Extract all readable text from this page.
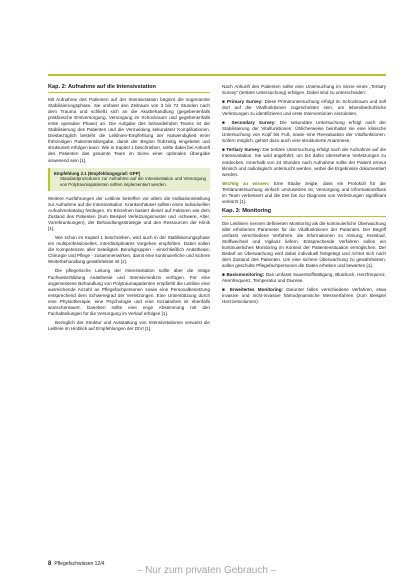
Kap. 2: Aufnahme auf die Intensivstation
Mit Aufnahme des Patienten auf der Intensivstation beginnt die sogenannte Stabilisierungsphase. Sie umfasst den Zeitraum von 3 bis 72 Stunden nach dem Trauma und schließt sich an die Akutbehandlung (gegebenenfalls präklinische Erstversorgung, Versorgung im Schockraum und gegebenenfalls erste operative Phase) an. Die Aufgabe des behandelnden Teams ist die Stabilisierung des Patienten und die Vermeidung sekundärer Komplikationen. Diesbezüglich besteht die Leitlinien-Empfehlung der Notwendigkeit einer frühzeitigen Patientenübergabe, damit der Beginn frühzeitig eingeleitet und strukturiert erfolgen kann. Wie in Kapitel 1 beschrieben, sollte dabei bei Ankunft des Patienten das gesamte Team im Sinne einer optimalen Übergabe anwesend sein [1].
Empfehlung 2.1 (Empfehlungsgrad: GPP)
Standardprozeduren zur Aufnahme auf die Intensivstation und Versorgung von Polytraumapatienten sollten implementiert werden.
Weitere Ausführungen der Leitlinie betreffen vor allem die Indikationsstellung zur Aufnahme auf die Intensivstation. Krankenhäuser sollten einen individuellen Aufnahmekatalog festlegen. Im Einzelnen basiert dieser auf Faktoren wie dem Zustand des Patienten (zum Beispiel Verletzungsmuster und -schwere, Alter, Vorerkrankungen), der Behandlungsstrategie und den Ressourcen der Klinik [1].
Wie schon im Kapitel 1 beschrieben, wird auch in der Stabilisierungsphase ein multiprofessionelles, interdisziplinäres Vorgehen empfohlen. Dabei sollen die Kompetenzen aller beteiligten Berufsgruppen - einschließlich Anästhesie, Chirurgie und Pflege - zusammenwirken, damit eine kontinuierliche und sichere Weiterbehandlung gewährleistet ist [1].
Die pflegerische Leitung der Intensivstation sollte über die nötige Fachweiterbildung Anästhesie und Intensivmedizin verfügen. Für eine angemessene Behandlung von Polytraumapatienten empfiehlt die Leitlinie eine ausreichende Anzahl an Pflegefachpersonen sowie eine Personalbesetzung entsprechend dem Schweregrad der Verletzungen. Eine Unterstützung durch eine Physiotherapie, eine Psychologie und eine Sozialarbeit ist ebenfalls wünschenswert. Daneben sollte eine enge Abstimmung mit den Fachabteilungen für die Versorgung im Verlauf erfolgen [1].
Bezüglich der Struktur und Ausstattung von Intensivstationen verweist die Leitlinie im Hinblick auf Empfehlungen der DIVI [1].
Nach Ankunft des Patienten sollte eine Untersuchung im Sinne eines „Tertiary Survey“ (tertiäre Untersuchung) erfolgen. Dabei sind zu unterscheiden:
■ Primary Survey: Diese Primäruntersuchung erfolgt im Schockraum und soll dort auf die Vitalfunktionen zugeschnitten sein, um lebensbedrohliche Verletzungen zu identifizieren und erste Interventionen einzuleiten.
■ Secondary Survey: Die sekundäre Untersuchung erfolgt nach der Stabilisierung der Vitalfunktionen. Üblicherweise beinhaltet sie eine klinische Untersuchung von Kopf bis Fuß, sowie eine Reevaluation der Vitalfunktionen. Sofern möglich, gehört dazu auch eine strukturierte Anamnese.
■ Tertiary Survey: Die tertiäre Untersuchung erfolgt nach der Aufnahme auf die Intensivstation. Sie wird angeführt, um bis dahin übersehene Verletzungen zu entdecken. Innerhalb von 24 Stunden nach Aufnahme sollte der Patient erneut klinisch und radiologisch untersucht werden, wobei die Ergebnisse dokumentiert werden.
Wichtig zu wissen: Eine Studie zeigte, dass ein Protokoll für die Tertiäruntersuchung einfach umzusetzen ist, Versorgung und Informationsfluss im Team verbessert und die Zeit bis zur Diagnose von Verletzungen signifikant verkürzt [1].
Kap. 3: Monitoring
Die Leitlinien nennen definierten Monitoring als die kontinuierliche Überwachung aller erhobenen Parameter für die Vitalfunktionen der Patienten. Der Begriff umfasst verschiedene Verfahren, die Informationen zu Atmung, Kreislauf, Stoffwechsel und Vigilanz liefern. Entsprechende Verfahren sollen ein kontinuierliches Monitoring im Kontext der Patientensituation ermöglichen. Der Bedarf an Überwachung wird dabei individuell festgelegt und richtet sich nach dem Zustand des Patienten. Um eine sichere Überwachung zu gewährleisten, sollen geschulte Pflegefachpersonen die Daten erheben und bewerten [1].
■ Basismonitoring: Das umfasst Sauerstoffsättigung, Blutdruck, Herzfrequenz, Atemfrequenz, Temperatur und Diurese.
■ Erweitertes Monitoring: Darunter fallen verschiedene Verfahren, etwa invasive und nicht-invasive hämodynamische Messverfahren (zum Beispiel Herzzeitvolumen).
8 Pflegefachwissen 12/4
– Nur zum privaten Gebrauch –
